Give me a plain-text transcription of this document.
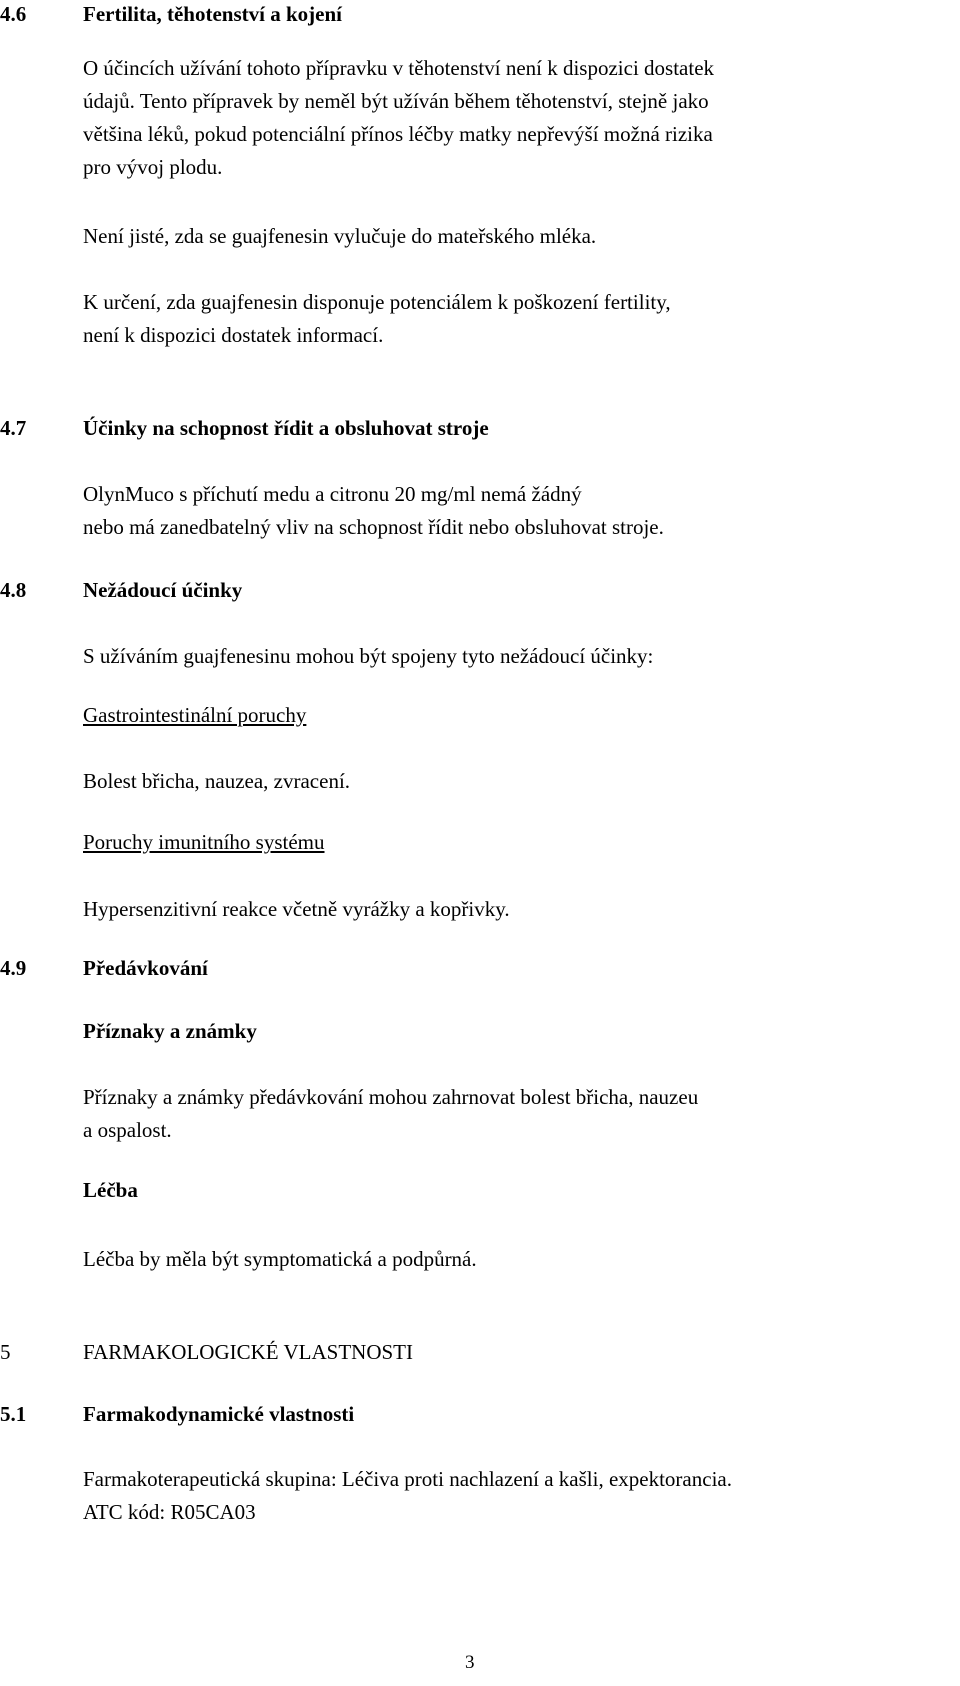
4.6	Fertilita, těhotenství a kojení
O účincích užívání tohoto přípravku v těhotenství není k dispozici dostatek
údajů. Tento přípravek by neměl být užíván během těhotenství, stejně jako
většina léků, pokud potenciální přínos léčby matky nepřevýší možná rizika
pro vývoj plodu.
Není jisté, zda se guajfenesin vylučuje do mateřského mléka.
K určení, zda guajfenesin disponuje potenciálem k poškození fertility,
není k dispozici dostatek informací.
4.7	Účinky na schopnost řídit a obsluhovat stroje
OlynMuco s příchutí medu a citronu 20 mg/ml nemá žádný
nebo má zanedbatelný vliv na schopnost řídit nebo obsluhovat stroje.
4.8	Nežádoucí účinky
S užíváním guajfenesinu mohou být spojeny tyto nežádoucí účinky:
Gastrointestinální poruchy
Bolest břicha, nauzea, zvracení.
Poruchy imunitního systému
Hypersenzitivní reakce včetně vyrážky a kopřivky.
4.9	Předávkování
Příznaky a známky
Příznaky a známky předávkování mohou zahrnovat bolest břicha, nauzeu
a ospalost.
Léčba
Léčba by měla být symptomatická a podpůrná.
5	FARMAKOLOGICKÉ VLASTNOSTI
5.1	Farmakodynamické vlastnosti
Farmakoterapeutická skupina: Léčiva proti nachlazení a kašli, expektorancia.
ATC kód: R05CA03
3
